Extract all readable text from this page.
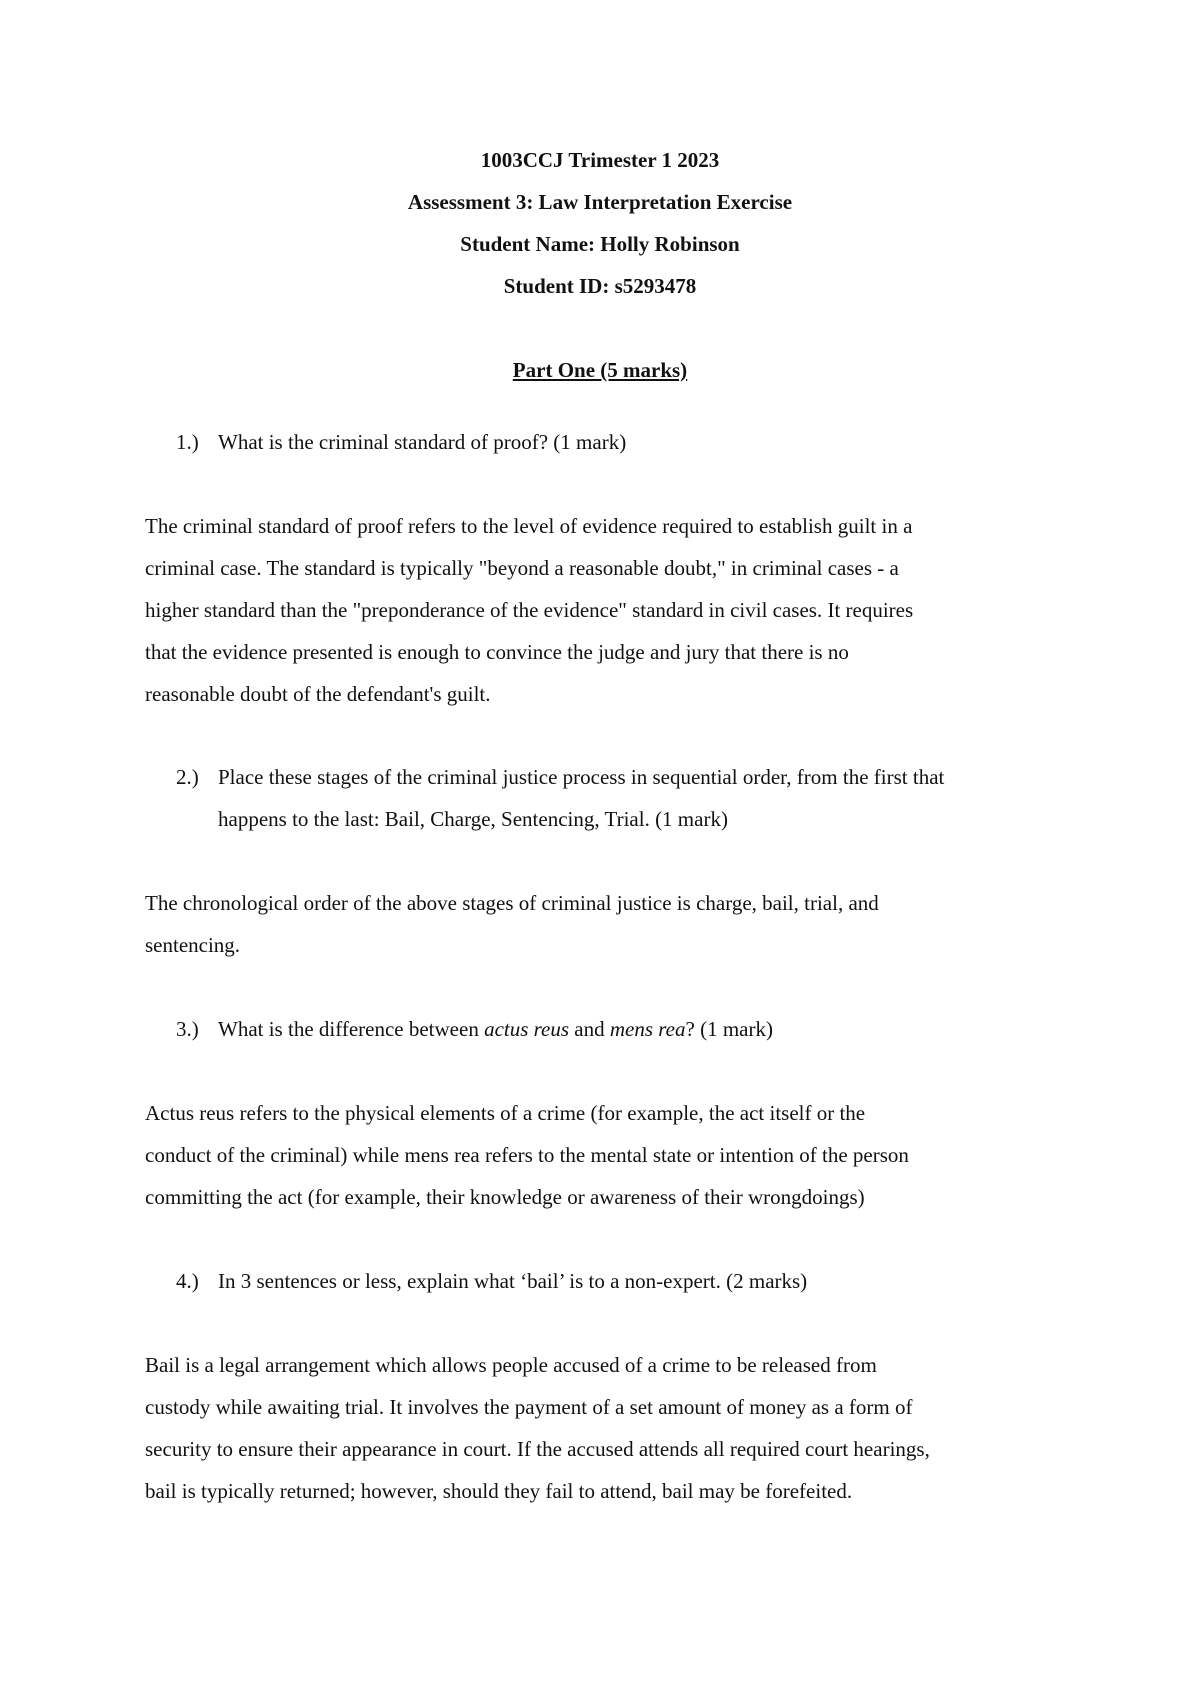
1003CCJ Trimester 1 2023
Assessment 3: Law Interpretation Exercise
Student Name: Holly Robinson
Student ID: s5293478
Part One (5 marks)
1.) What is the criminal standard of proof? (1 mark)
The criminal standard of proof refers to the level of evidence required to establish guilt in a
criminal case. The standard is typically "beyond a reasonable doubt," in criminal cases - a
higher standard than the "preponderance of the evidence" standard in civil cases. It requires
that the evidence presented is enough to convince the judge and jury that there is no
reasonable doubt of the defendant's guilt.
2.) Place these stages of the criminal justice process in sequential order, from the first that
happens to the last: Bail, Charge, Sentencing, Trial. (1 mark)
The chronological order of the above stages of criminal justice is charge, bail, trial, and
sentencing.
3.) What is the difference between actus reus and mens rea? (1 mark)
Actus reus refers to the physical elements of a crime (for example, the act itself or the
conduct of the criminal) while mens rea refers to the mental state or intention of the person
committing the act (for example, their knowledge or awareness of their wrongdoings)
4.) In 3 sentences or less, explain what ‘bail’ is to a non-expert. (2 marks)
Bail is a legal arrangement which allows people accused of a crime to be released from
custody while awaiting trial. It involves the payment of a set amount of money as a form of
security to ensure their appearance in court. If the accused attends all required court hearings,
bail is typically returned; however, should they fail to attend, bail may be forefeited.
